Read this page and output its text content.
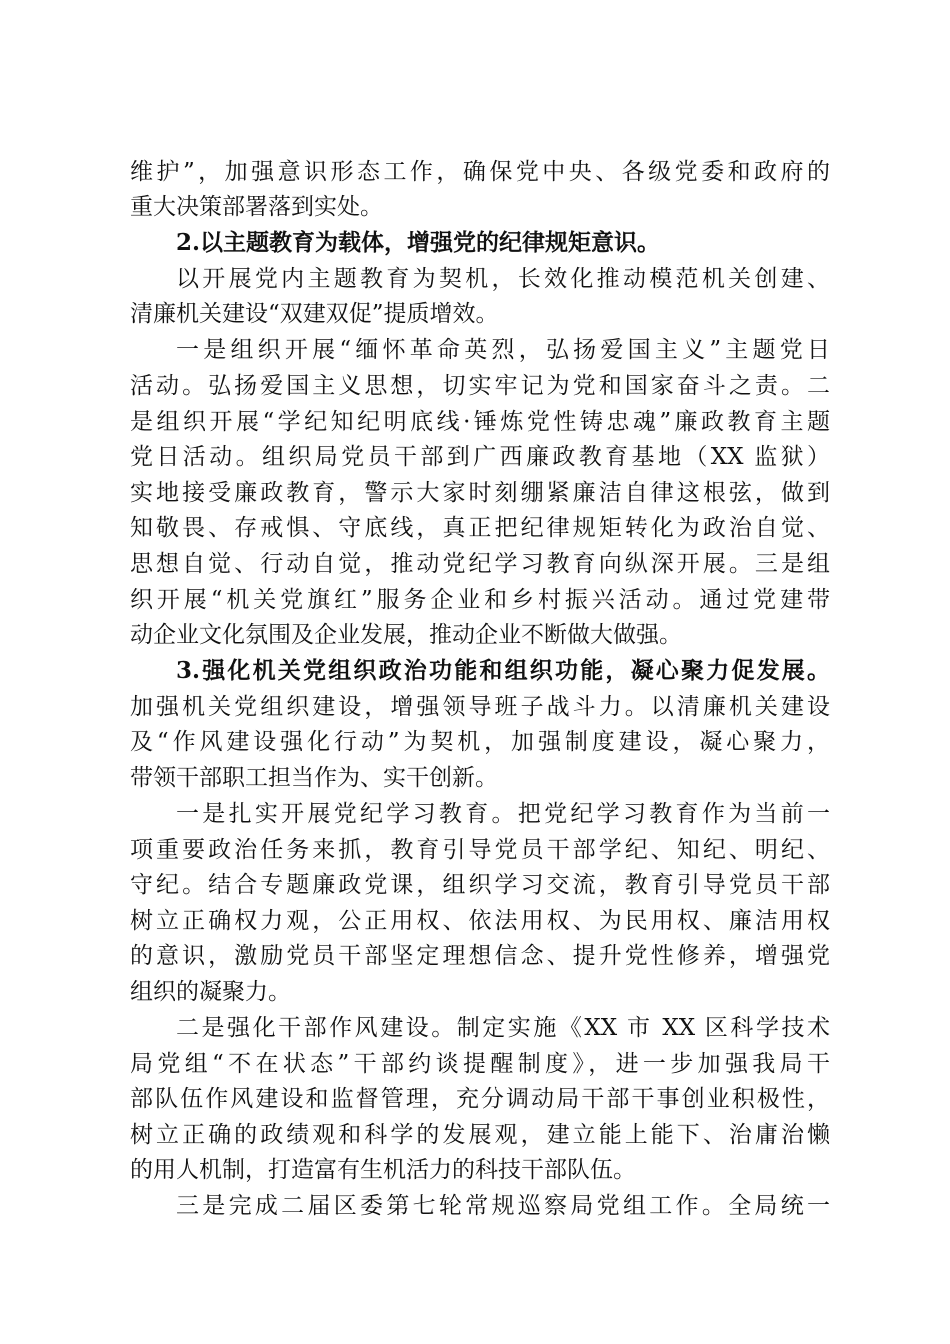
维护”，加强意识形态工作，确保党中央、各级党委和政府的
重大决策部署落到实处。
2.以主题教育为载体，增强党的纪律规矩意识。
以开展党内主题教育为契机，长效化推动模范机关创建、
清廉机关建设“双建双促”提质增效。
一是组织开展“缅怀革命英烈，弘扬爱国主义”主题党日
活动。弘扬爱国主义思想，切实牢记为党和国家奋斗之责。二
是组织开展“学纪知纪明底线·锤炼党性铸忠魂”廉政教育主题
党日活动。组织局党员干部到广西廉政教育基地（XX 监狱）
实地接受廉政教育，警示大家时刻绷紧廉洁自律这根弦，做到
知敬畏、存戒惧、守底线，真正把纪律规矩转化为政治自觉、
思想自觉、行动自觉，推动党纪学习教育向纵深开展。三是组
织开展“机关党旗红”服务企业和乡村振兴活动。通过党建带
动企业文化氛围及企业发展，推动企业不断做大做强。
3.强化机关党组织政治功能和组织功能，凝心聚力促发展。
加强机关党组织建设，增强领导班子战斗力。以清廉机关建设
及“作风建设强化行动”为契机，加强制度建设，凝心聚力，
带领干部职工担当作为、实干创新。
一是扎实开展党纪学习教育。把党纪学习教育作为当前一
项重要政治任务来抓，教育引导党员干部学纪、知纪、明纪、
守纪。结合专题廉政党课，组织学习交流，教育引导党员干部
树立正确权力观，公正用权、依法用权、为民用权、廉洁用权
的意识，激励党员干部坚定理想信念、提升党性修养，增强党
组织的凝聚力。
二是强化干部作风建设。制定实施《XX 市 XX 区科学技术
局党组“不在状态”干部约谈提醒制度》，进一步加强我局干
部队伍作风建设和监督管理，充分调动局干部干事创业积极性，
树立正确的政绩观和科学的发展观，建立能上能下、治庸治懒
的用人机制，打造富有生机活力的科技干部队伍。
三是完成二届区委第七轮常规巡察局党组工作。全局统一
